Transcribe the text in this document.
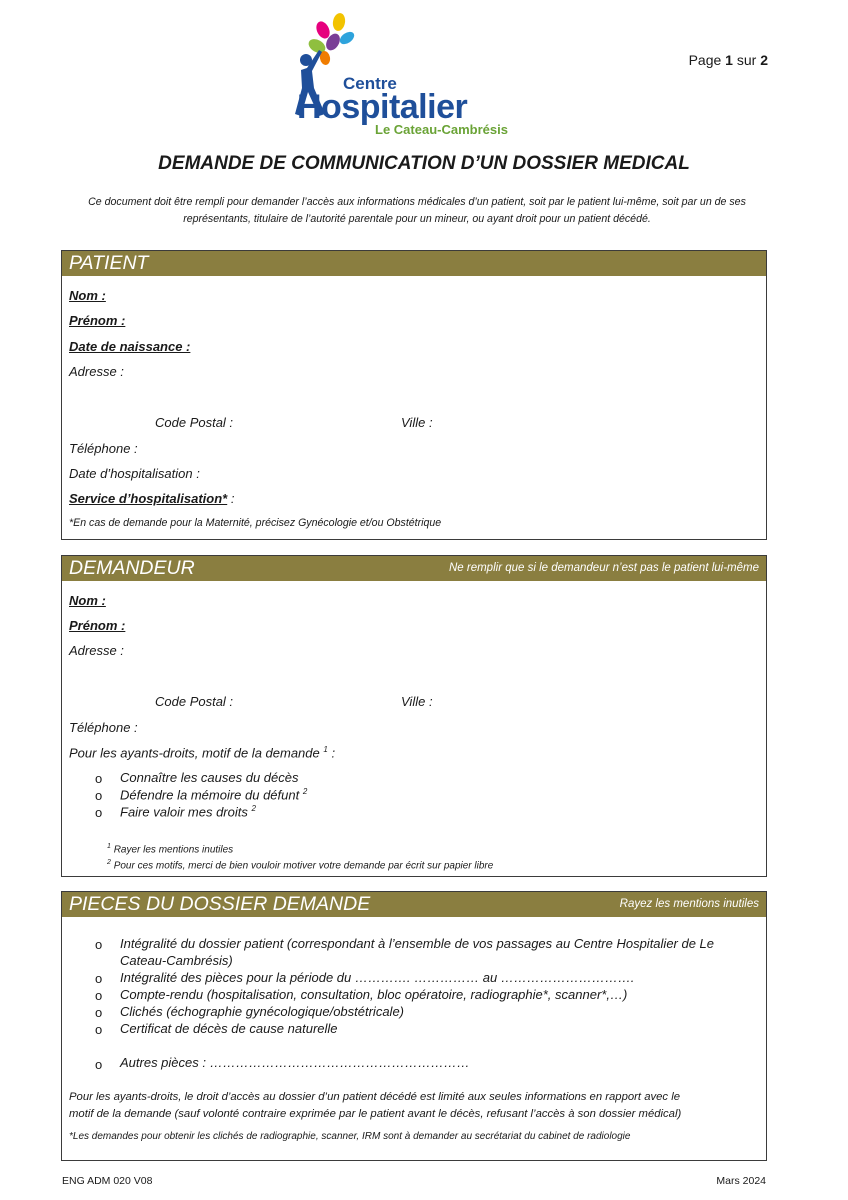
Centre
Hospitalier
Le Cateau-Cambrésis
Page 1 sur 2
DEMANDE DE COMMUNICATION D’UN DOSSIER MEDICAL
Ce document doit être rempli pour demander l’accès aux informations médicales d’un patient, soit par le patient lui-même, soit par un de ses
représentants, titulaire de l’autorité parentale pour un mineur, ou ayant droit pour un patient décédé.
PATIENT
Nom :
Prénom :
Date de naissance :
Adresse :
Code Postal :	Ville :
Téléphone :
Date d’hospitalisation :
Service d’hospitalisation* :
*En cas de demande pour la Maternité, précisez Gynécologie et/ou Obstétrique
DEMANDEUR	Ne remplir que si le demandeur n’est pas le patient lui-même
Nom :
Prénom :
Adresse :
Code Postal :	Ville :
Téléphone :
Pour les ayants-droits, motif de la demande $^1$ :
o Connaître les causes du décès
o Défendre la mémoire du défunt $^2$
o Faire valoir mes droits $^2$
$^1$ Rayer les mentions inutiles
$^2$ Pour ces motifs, merci de bien vouloir motiver votre demande par écrit sur papier libre
PIECES DU DOSSIER DEMANDE	Rayez les mentions inutiles
o Intégralité du dossier patient (correspondant à l’ensemble de vos passages au Centre Hospitalier de Le
Cateau-Cambrésis)
o Intégralité des pièces pour la période du …………. …………… au ………………………….
o Compte-rendu (hospitalisation, consultation, bloc opératoire, radiographie*, scanner*,…)
o Clichés (échographie gynécologique/obstétricale)
o Certificat de décès de cause naturelle
o Autres pièces : ……………………………………………………
Pour les ayants-droits, le droit d’accès au dossier d’un patient décédé est limité aux seules informations en rapport avec le
motif de la demande (sauf volonté contraire exprimée par le patient avant le décès, refusant l’accès à son dossier médical)
*Les demandes pour obtenir les clichés de radiographie, scanner, IRM sont à demander au secrétariat du cabinet de radiologie
ENG ADM 020 V08	Mars 2024
